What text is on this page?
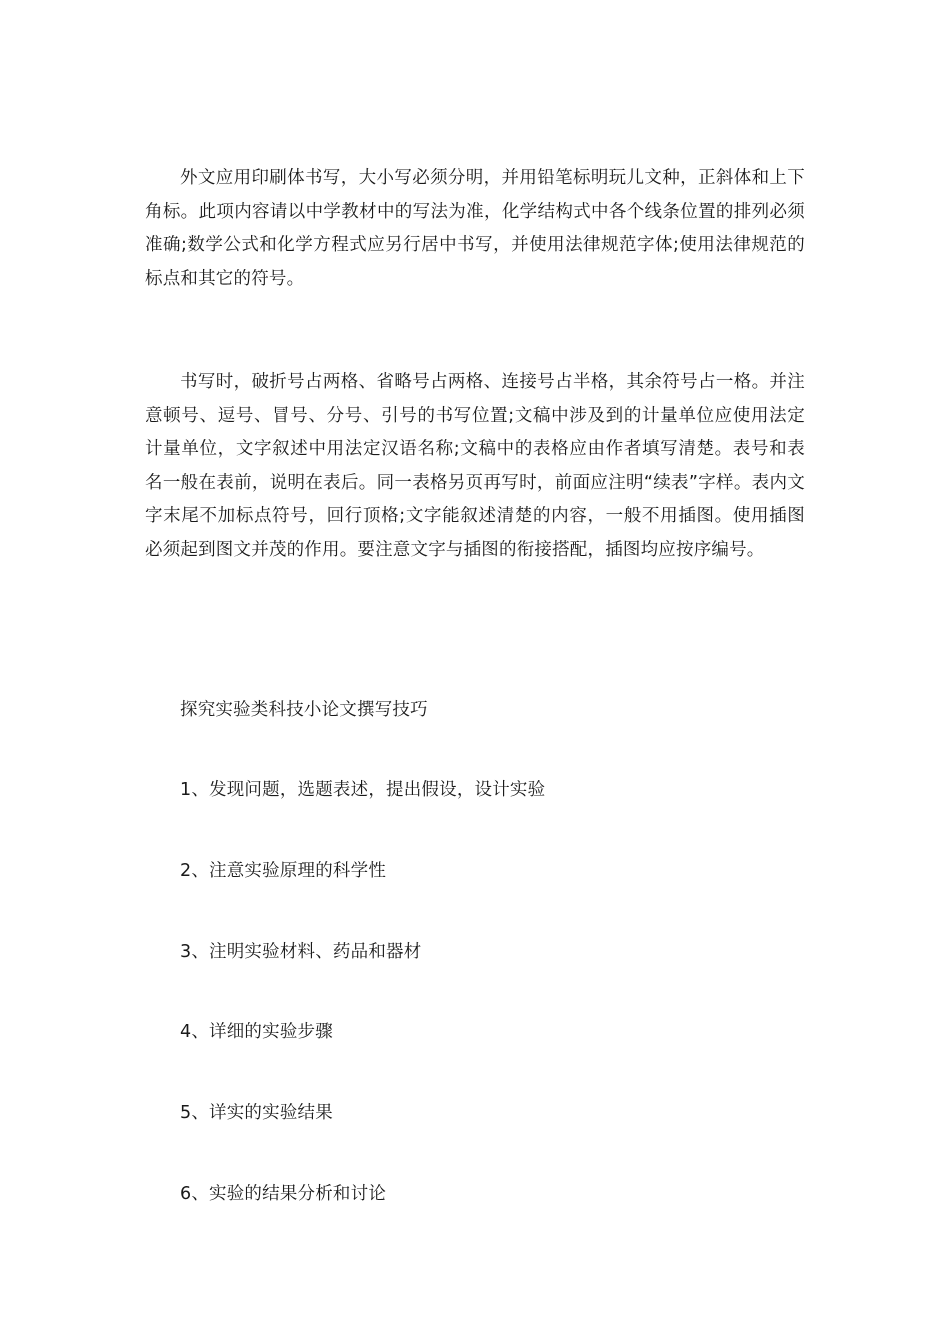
外文应用印刷体书写，大小写必须分明，并用铅笔标明玩儿文种，正斜体和上下角标。此项内容请以中学教材中的写法为准，化学结构式中各个线条位置的排列必须准确;数学公式和化学方程式应另行居中书写，并使用法律规范字体;使用法律规范的标点和其它的符号。

书写时，破折号占两格、省略号占两格、连接号占半格，其余符号占一格。并注意顿号、逗号、冒号、分号、引号的书写位置;文稿中涉及到的计量单位应使用法定计量单位，文字叙述中用法定汉语名称;文稿中的表格应由作者填写清楚。表号和表名一般在表前，说明在表后。同一表格另页再写时，前面应注明“续表”字样。表内文字末尾不加标点符号，回行顶格;文字能叙述清楚的内容，一般不用插图。使用插图必须起到图文并茂的作用。要注意文字与插图的衔接搭配，插图均应按序编号。

探究实验类科技小论文撰写技巧

1、发现问题，选题表述，提出假设，设计实验

2、注意实验原理的科学性

3、注明实验材料、药品和器材

4、详细的实验步骤

5、详实的实验结果

6、实验的结果分析和讨论
